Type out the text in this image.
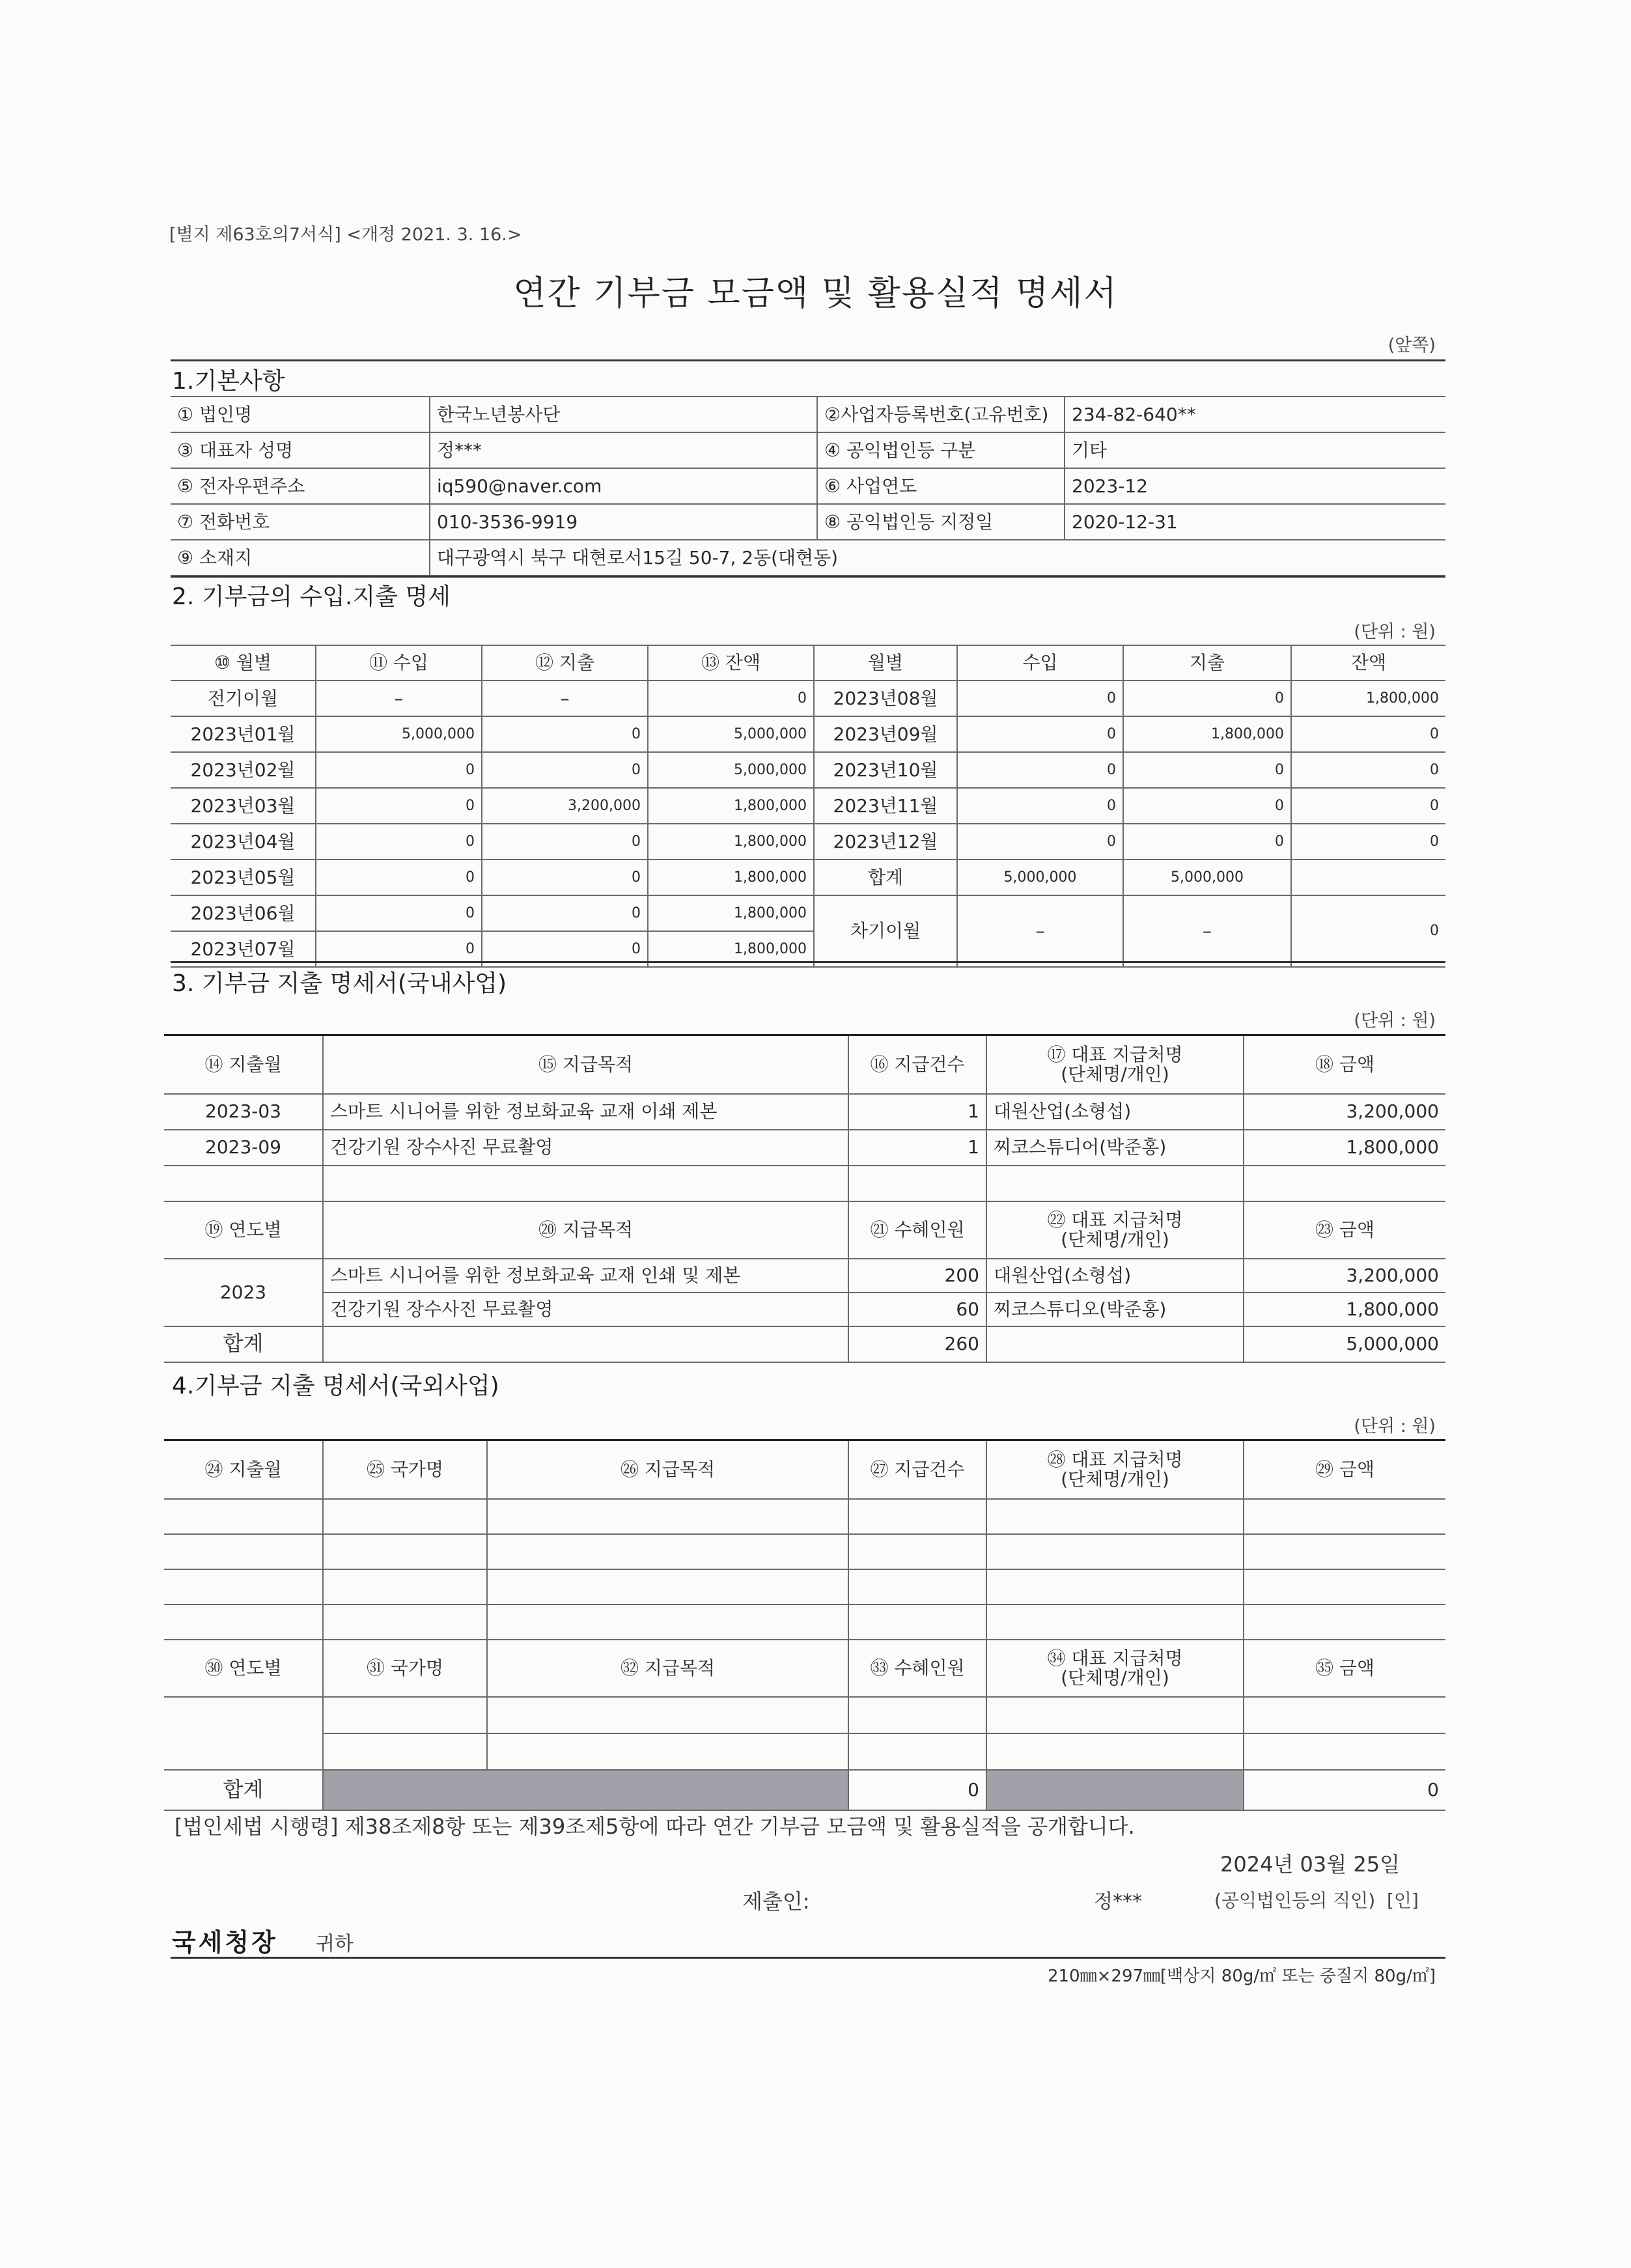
[별지 제63호의7서식] <개정 2021. 3. 16.>
연간 기부금 모금액 및 활용실적 명세서
(앞쪽)
1.기본사항
① 법인명	한국노년봉사단	②사업자등록번호(고유번호)	234-82-640**
③ 대표자 성명	정***	④ 공익법인등 구분	기타
⑤ 전자우편주소	iq590@naver.com	⑥ 사업연도	2023-12
⑦ 전화번호	010-3536-9919	⑧ 공익법인등 지정일	2020-12-31
⑨ 소재지	대구광역시 북구 대현로서15길 50-7, 2동(대현동)		
2. 기부금의 수입.지출 명세
(단위 : 원)
⑩ 월별	⑪ 수입	⑫ 지출	⑬ 잔액	월별	수입	지출	잔액
전기이월	–	–	0	2023년08월	0	0	1,800,000
2023년01월	5,000,000	0	5,000,000	2023년09월	0	1,800,000	0
2023년02월	0	0	5,000,000	2023년10월	0	0	0
2023년03월	0	3,200,000	1,800,000	2023년11월	0	0	0
2023년04월	0	0	1,800,000	2023년12월	0	0	0
2023년05월	0	0	1,800,000	합계	5,000,000	5,000,000	
2023년06월	0	0	1,800,000	차기이월	–	–	0
2023년07월	0	0	1,800,000				
3. 기부금 지출 명세서(국내사업)
(단위 : 원)
⑭ 지출월	⑮ 지급목적	⑯ 지급건수	⑰ 대표 지급처명
(단체명/개인)	⑱ 금액
2023-03	스마트 시니어를 위한 정보화교육 교재 이쇄 제본	1	대원산업(소형섭)	3,200,000
2023-09	건강기원 장수사진 무료촬영	1	찌코스튜디어(박준홍)	1,800,000

⑲ 연도별	⑳ 지급목적	㉑ 수혜인원	㉒ 대표 지급처명
(단체명/개인)	㉓ 금액
2023	스마트 시니어를 위한 정보화교육 교재 인쇄 및 제본	200	대원산업(소형섭)	3,200,000
	건강기원 장수사진 무료촬영	60	찌코스튜디오(박준홍)	1,800,000
합계		260		5,000,000
4.기부금 지출 명세서(국외사업)
(단위 : 원)
㉔ 지출월	㉕ 국가명	㉖ 지급목적	㉗ 지급건수	㉘ 대표 지급처명
(단체명/개인)	㉙ 금액

㉚ 연도별	㉛ 국가명	㉜ 지급목적	㉝ 수혜인원	㉞ 대표 지급처명
(단체명/개인)	㉟ 금액

합계			0		0
[법인세법 시행령] 제38조제8항 또는 제39조제5항에 따라 연간 기부금 모금액 및 활용실적을 공개합니다.
2024년 03월 25일
제출인:	정***	(공익법인등의 직인) [인]
국세청장 귀하
210㎜×297㎜[백상지 80g/㎡ 또는 중질지 80g/㎡]
